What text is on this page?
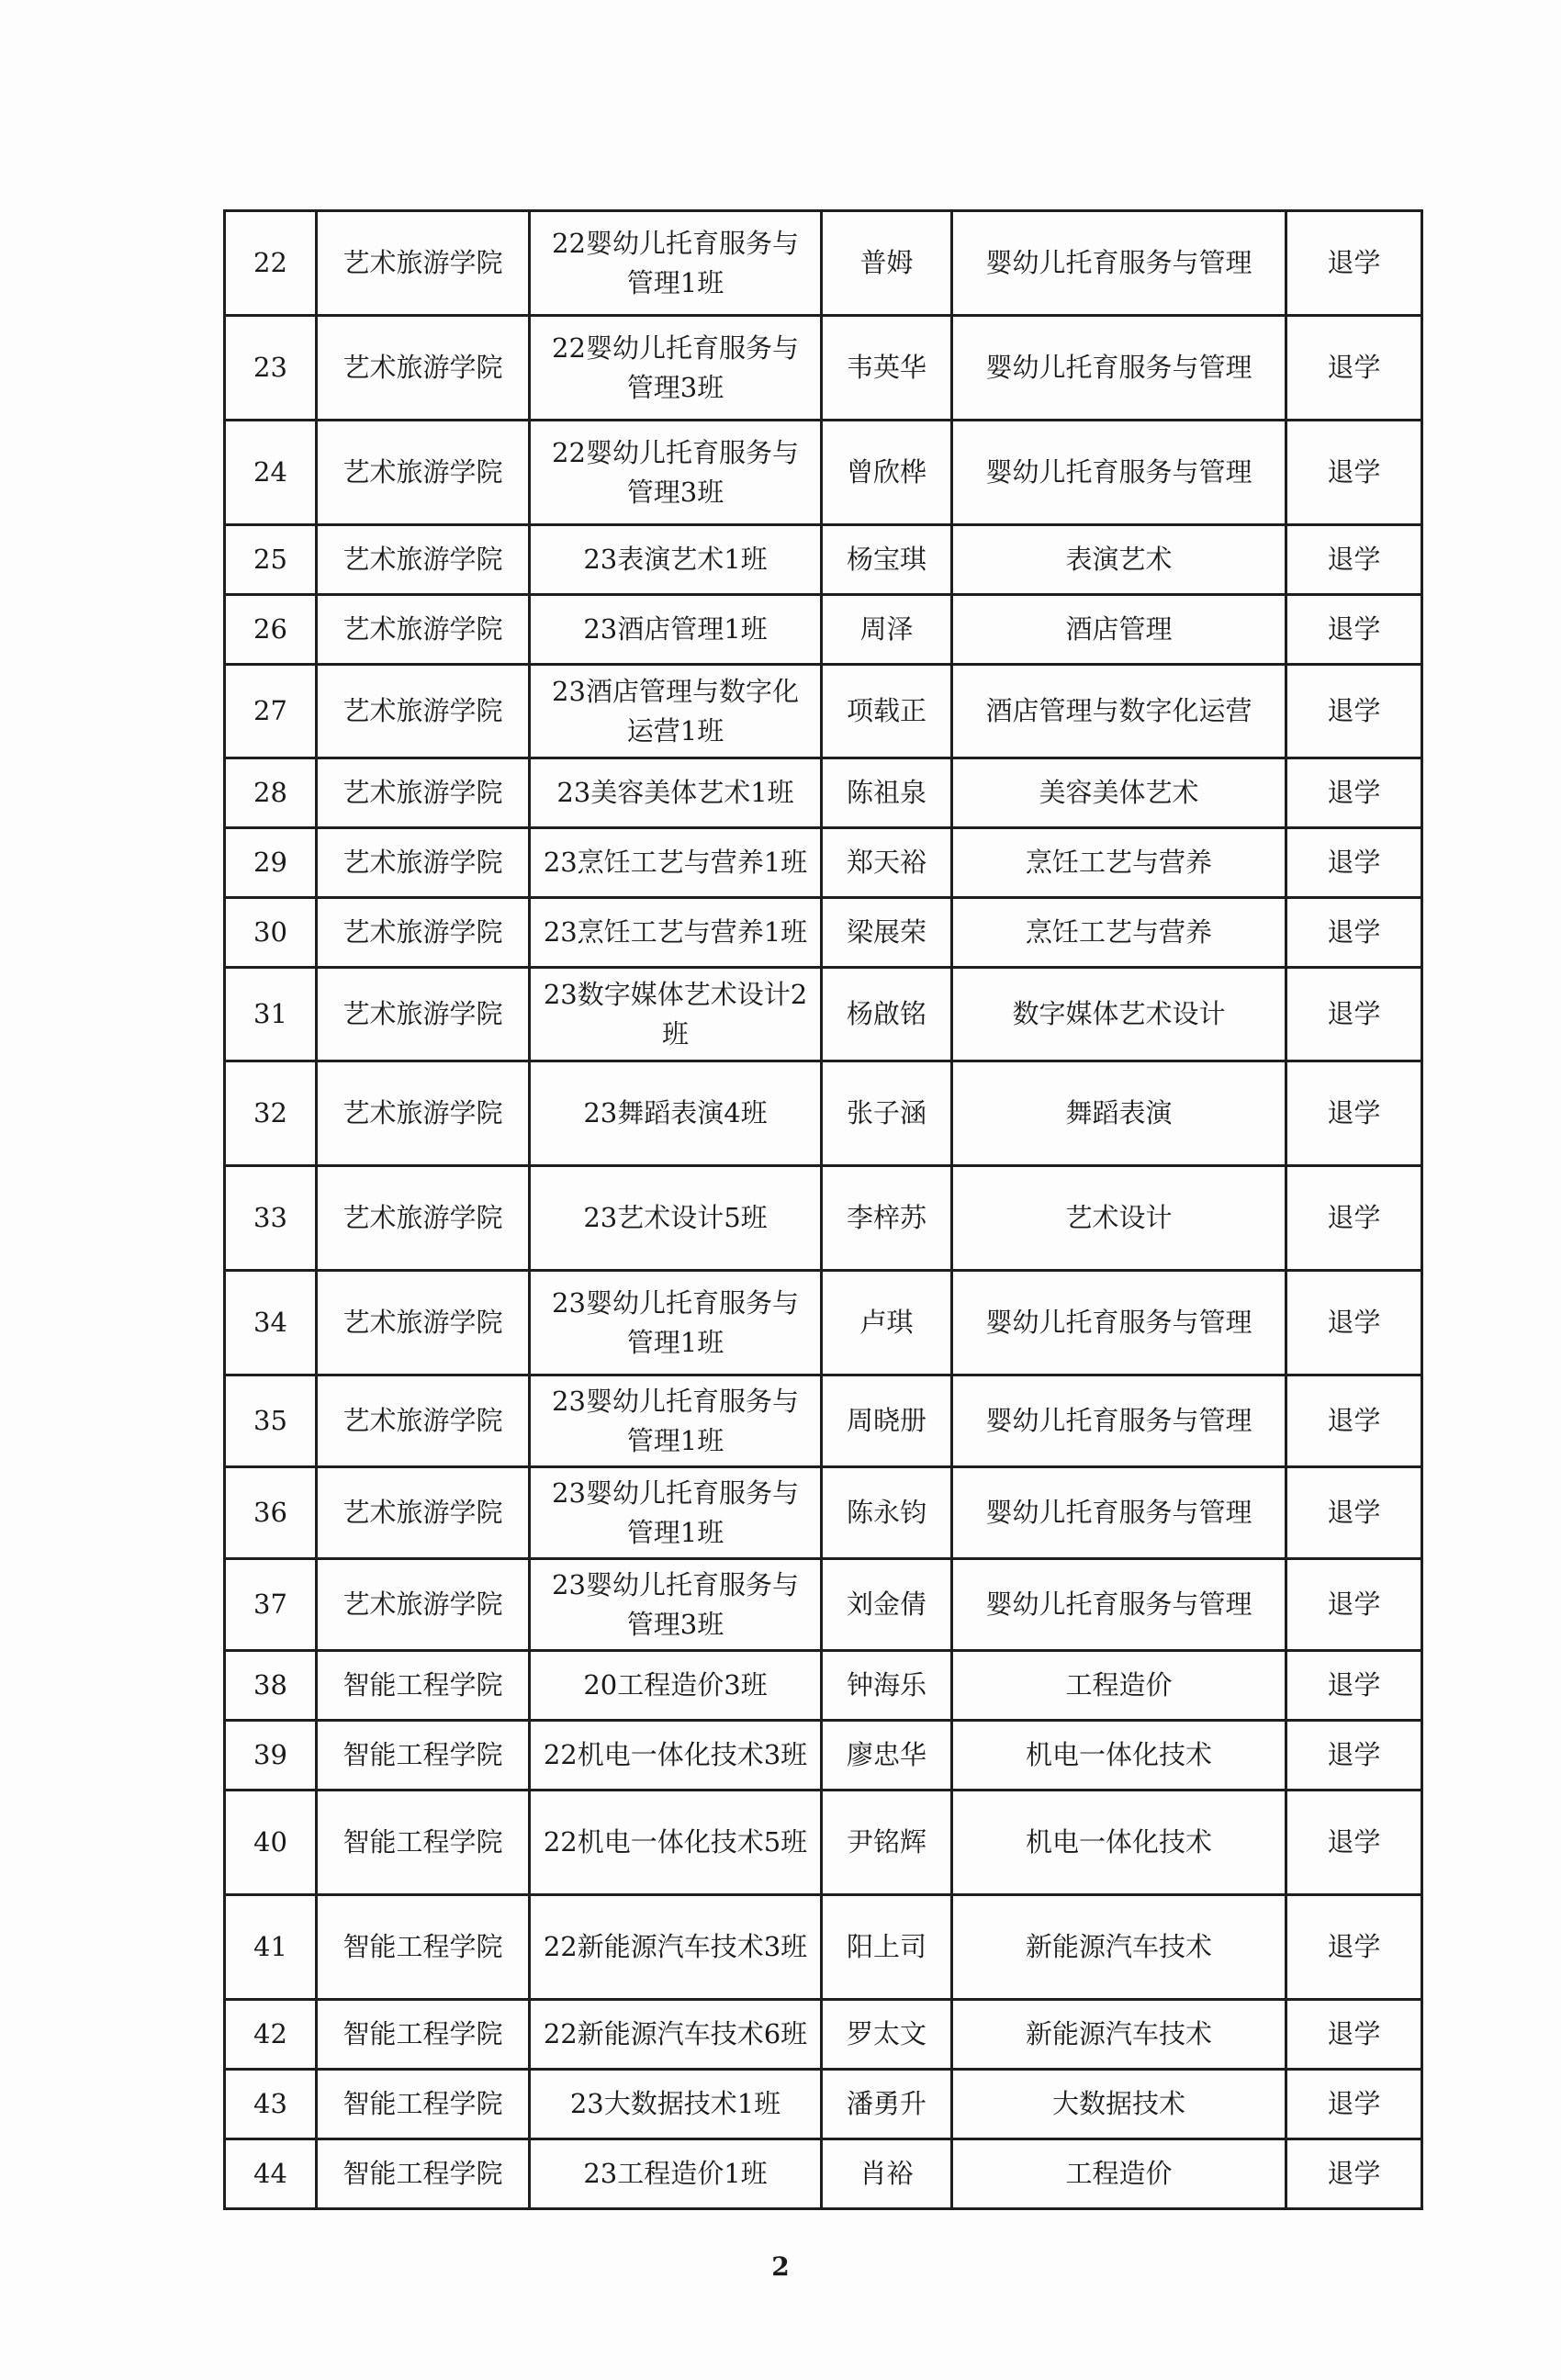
22	艺术旅游学院	22婴幼儿托育服务与管理1班	普姆	婴幼儿托育服务与管理	退学
23	艺术旅游学院	22婴幼儿托育服务与管理3班	韦英华	婴幼儿托育服务与管理	退学
24	艺术旅游学院	22婴幼儿托育服务与管理3班	曾欣桦	婴幼儿托育服务与管理	退学
25	艺术旅游学院	23表演艺术1班	杨宝琪	表演艺术	退学
26	艺术旅游学院	23酒店管理1班	周泽	酒店管理	退学
27	艺术旅游学院	23酒店管理与数字化运营1班	项载正	酒店管理与数字化运营	退学
28	艺术旅游学院	23美容美体艺术1班	陈祖泉	美容美体艺术	退学
29	艺术旅游学院	23烹饪工艺与营养1班	郑天裕	烹饪工艺与营养	退学
30	艺术旅游学院	23烹饪工艺与营养1班	梁展荣	烹饪工艺与营养	退学
31	艺术旅游学院	23数字媒体艺术设计2班	杨啟铭	数字媒体艺术设计	退学
32	艺术旅游学院	23舞蹈表演4班	张子涵	舞蹈表演	退学
33	艺术旅游学院	23艺术设计5班	李梓苏	艺术设计	退学
34	艺术旅游学院	23婴幼儿托育服务与管理1班	卢琪	婴幼儿托育服务与管理	退学
35	艺术旅游学院	23婴幼儿托育服务与管理1班	周晓册	婴幼儿托育服务与管理	退学
36	艺术旅游学院	23婴幼儿托育服务与管理1班	陈永钧	婴幼儿托育服务与管理	退学
37	艺术旅游学院	23婴幼儿托育服务与管理3班	刘金倩	婴幼儿托育服务与管理	退学
38	智能工程学院	20工程造价3班	钟海乐	工程造价	退学
39	智能工程学院	22机电一体化技术3班	廖忠华	机电一体化技术	退学
40	智能工程学院	22机电一体化技术5班	尹铭辉	机电一体化技术	退学
41	智能工程学院	22新能源汽车技术3班	阳上司	新能源汽车技术	退学
42	智能工程学院	22新能源汽车技术6班	罗太文	新能源汽车技术	退学
43	智能工程学院	23大数据技术1班	潘勇升	大数据技术	退学
44	智能工程学院	23工程造价1班	肖裕	工程造价	退学
2
